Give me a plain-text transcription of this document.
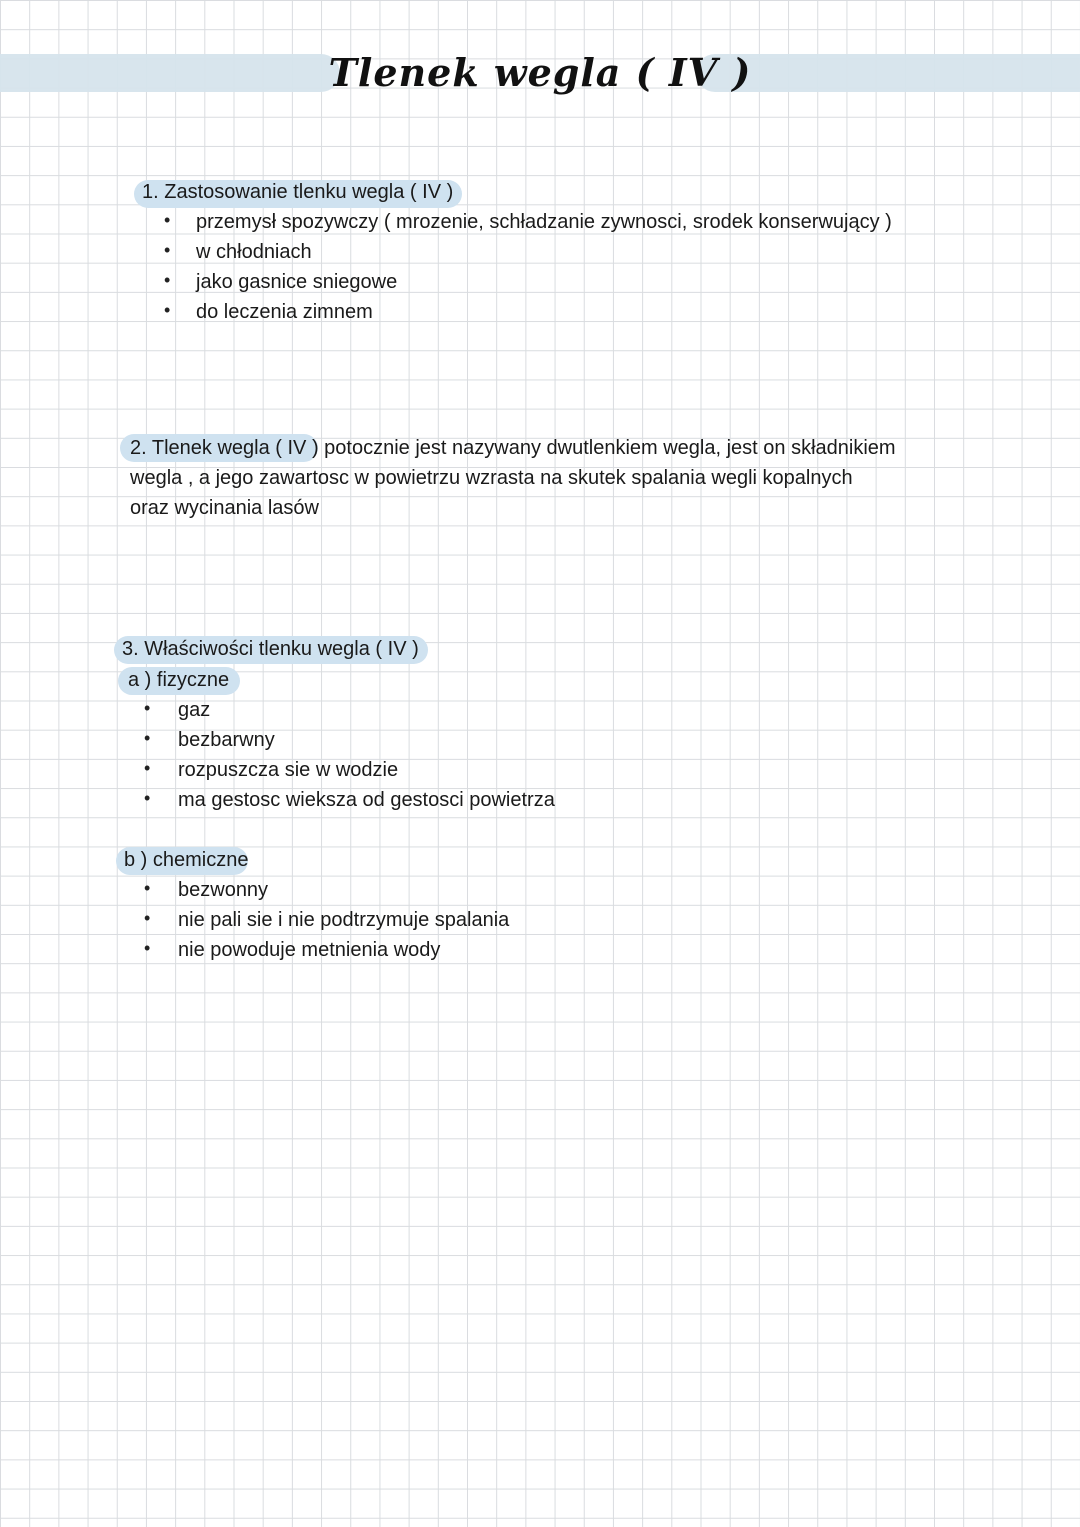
Tlenek wegla ( IV )
1. Zastosowanie tlenku wegla ( IV )
• przemysł spozywczy ( mrozenie, schładzanie zywnosci, srodek konserwujący )
• w chłodniach
• jako gasnice sniegowe
• do leczenia zimnem
2. Tlenek wegla ( IV ) potocznie jest nazywany dwutlenkiem wegla, jest on składnikiem
wegla , a jego zawartosc w powietrzu wzrasta na skutek spalania wegli kopalnych
oraz wycinania lasów
3. Właściwości tlenku wegla ( IV )
a ) fizyczne
• gaz
• bezbarwny
• rozpuszcza sie w wodzie
• ma gestosc wieksza od gestosci powietrza
b ) chemiczne
• bezwonny
• nie pali sie i nie podtrzymuje spalania
• nie powoduje metnienia wody
